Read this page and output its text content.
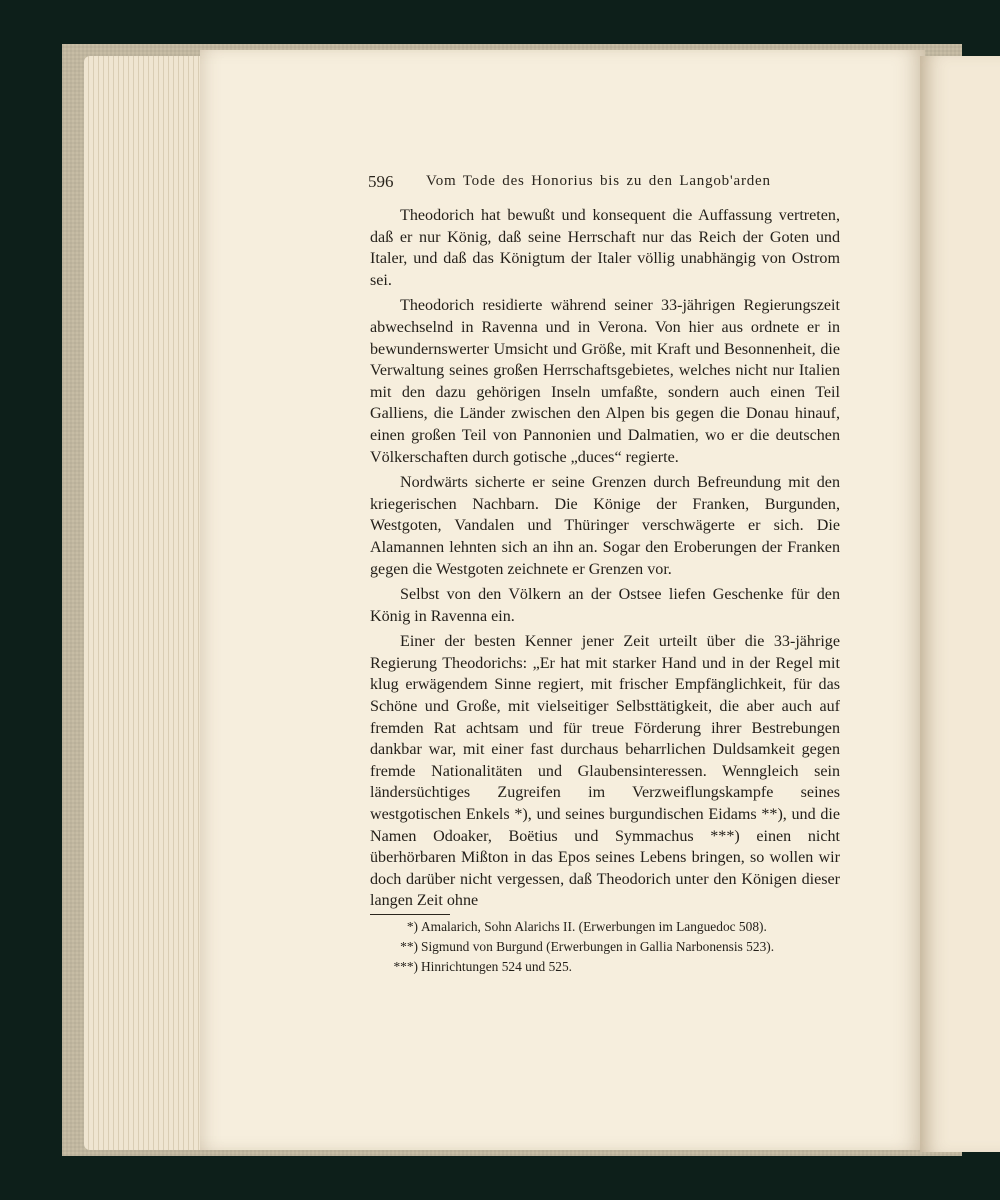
596 Vom Tode des Honorius bis zu den Langob'arden

Theodorich hat bewußt und konsequent die Auffassung vertreten, daß er nur König, daß seine Herrschaft nur das Reich der Goten und Italer, und daß das Königtum der Italer völlig unabhängig von Ostrom sei.

Theodorich residierte während seiner 33-jährigen Regierungszeit abwechselnd in Ravenna und in Verona. Von hier aus ordnete er in bewundernswerter Umsicht und Größe, mit Kraft und Besonnenheit, die Verwaltung seines großen Herrschaftsgebietes, welches nicht nur Italien mit den dazu gehörigen Inseln umfaßte, sondern auch einen Teil Galliens, die Länder zwischen den Alpen bis gegen die Donau hinauf, einen großen Teil von Pannonien und Dalmatien, wo er die deutschen Völkerschaften durch gotische „duces“ regierte.

Nordwärts sicherte er seine Grenzen durch Befreundung mit den kriegerischen Nachbarn. Die Könige der Franken, Burgunden, Westgoten, Vandalen und Thüringer verschwägerte er sich. Die Alamannen lehnten sich an ihn an. Sogar den Eroberungen der Franken gegen die Westgoten zeichnete er Grenzen vor.

Selbst von den Völkern an der Ostsee liefen Geschenke für den König in Ravenna ein.

Einer der besten Kenner jener Zeit urteilt über die 33-jährige Regierung Theodorichs: „Er hat mit starker Hand und in der Regel mit klug erwägendem Sinne regiert, mit frischer Empfänglichkeit, für das Schöne und Große, mit vielseitiger Selbsttätigkeit, die aber auch auf fremden Rat achtsam und für treue Förderung ihrer Bestrebungen dankbar war, mit einer fast durchaus beharrlichen Duldsamkeit gegen fremde Nationalitäten und Glaubensinteressen. Wenngleich sein ländersüchtiges Zugreifen im Verzweiflungskampfe seines westgotischen Enkels *), und seines burgundischen Eidams **), und die Namen Odoaker, Boëtius und Symmachus ***) einen nicht überhörbaren Mißton in das Epos seines Lebens bringen, so wollen wir doch darüber nicht vergessen, daß Theodorich unter den Königen dieser langen Zeit ohne

*) Amalarich, Sohn Alarichs II. (Erwerbungen im Languedoc 508).
**) Sigmund von Burgund (Erwerbungen in Gallia Narbonensis 523).
***) Hinrichtungen 524 und 525.
